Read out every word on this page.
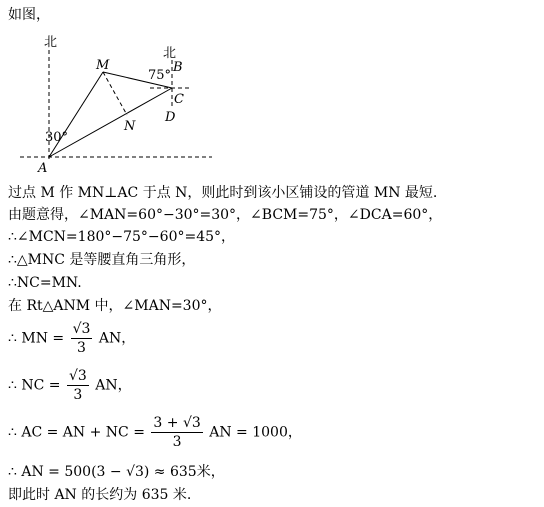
如图，
北
北
M	B
C
D
N
A
75°
30°
过点 M 作 MN⊥AC 于点 N，则此时到该小区铺设的管道 MN 最短.
由题意得，∠MAN=60°−30°=30°，∠BCM=75°，∠DCA=60°，
∴∠MCN=180°−75°−60°=45°，
∴△MNC 是等腰直角三角形，
∴NC=MN.
在 Rt△ANM 中，∠MAN=30°，
∴ MN = $\frac{√3}{3}$ AN，
∴ NC = $\frac{√3}{3}$ AN，
∴ AC = AN + NC = $\frac{3 + √3}{3}$ AN = 1000，
∴ AN = 500(3 − √3) ≈ 635米，
即此时 AN 的长约为 635 米.
